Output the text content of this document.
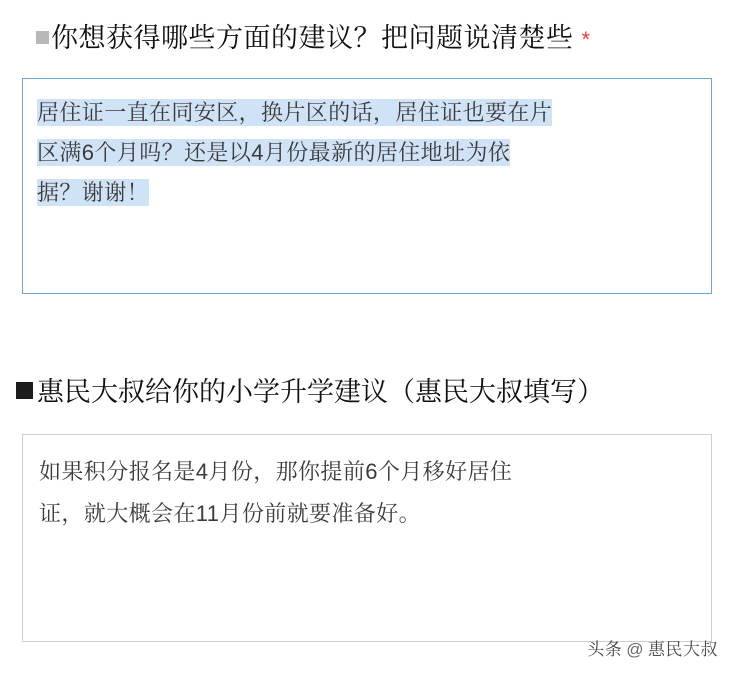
你想获得哪些方面的建议？把问题说清楚些 *
居住证一直在同安区，换片区的话，居住证也要在片
区满6个月吗？还是以4月份最新的居住地址为依
据？谢谢！
惠民大叔给你的小学升学建议（惠民大叔填写）
如果积分报名是4月份，那你提前6个月移好居住
证，就大概会在11月份前就要准备好。
头条 @ 惠民大叔
